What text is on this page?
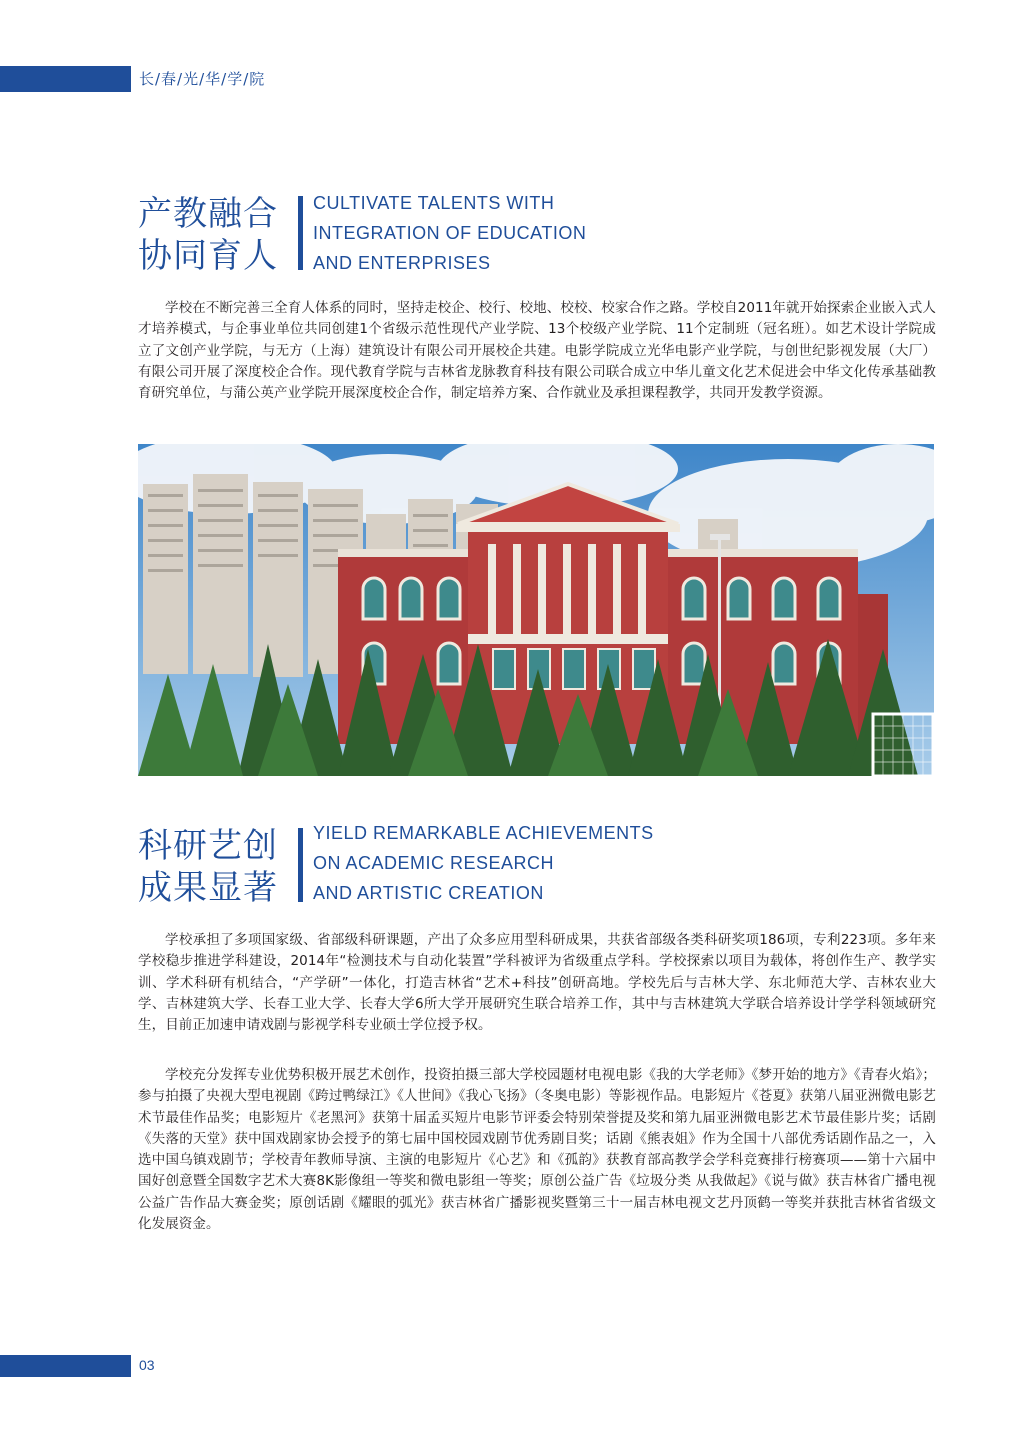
长/春/光/华/学/院
产教融合
协同育人
CULTIVATE TALENTS WITH
INTEGRATION OF EDUCATION
AND ENTERPRISES

学校在不断完善三全育人体系的同时，坚持走校企、校行、校地、校校、校家合作之路。学校自2011年就开始探索企业嵌入式人才培养模式，与企事业单位共同创建1个省级示范性现代产业学院、13个校级产业学院、11个定制班（冠名班）。如艺术设计学院成立了文创产业学院，与无方（上海）建筑设计有限公司开展校企共建。电影学院成立光华电影产业学院，与创世纪影视发展（大厂）有限公司开展了深度校企合作。现代教育学院与吉林省龙脉教育科技有限公司联合成立中华儿童文化艺术促进会中华文化传承基础教育研究单位，与蒲公英产业学院开展深度校企合作，制定培养方案、合作就业及承担课程教学，共同开发教学资源。

科研艺创
成果显著
YIELD REMARKABLE ACHIEVEMENTS
ON ACADEMIC RESEARCH
AND ARTISTIC CREATION

学校承担了多项国家级、省部级科研课题，产出了众多应用型科研成果，共获省部级各类科研奖项186项，专利223项。多年来学校稳步推进学科建设，2014年“检测技术与自动化装置”学科被评为省级重点学科。学校探索以项目为载体，将创作生产、教学实训、学术科研有机结合，“产学研”一体化，打造吉林省“艺术+科技”创研高地。学校先后与吉林大学、东北师范大学、吉林农业大学、吉林建筑大学、长春工业大学、长春大学6所大学开展研究生联合培养工作，其中与吉林建筑大学联合培养设计学学科领域研究生，目前正加速申请戏剧与影视学科专业硕士学位授予权。

学校充分发挥专业优势积极开展艺术创作，投资拍摄三部大学校园题材电视电影《我的大学老师》《梦开始的地方》《青春火焰》；参与拍摄了央视大型电视剧《跨过鸭绿江》《人世间》《我心飞扬》（冬奥电影）等影视作品。电影短片《苍夏》获第八届亚洲微电影艺术节最佳作品奖；电影短片《老黑河》获第十届孟买短片电影节评委会特别荣誉提及奖和第九届亚洲微电影艺术节最佳影片奖；话剧《失落的天堂》获中国戏剧家协会授予的第七届中国校园戏剧节优秀剧目奖；话剧《熊表姐》作为全国十八部优秀话剧作品之一，入选中国乌镇戏剧节；学校青年教师导演、主演的电影短片《心艺》和《孤韵》获教育部高教学会学科竞赛排行榜赛项——第十六届中国好创意暨全国数字艺术大赛8K影像组一等奖和微电影组一等奖；原创公益广告《垃圾分类 从我做起》《说与做》获吉林省广播电视公益广告作品大赛金奖；原创话剧《耀眼的弧光》获吉林省广播影视奖暨第三十一届吉林电视文艺丹顶鹤一等奖并获批吉林省省级文化发展资金。

03
